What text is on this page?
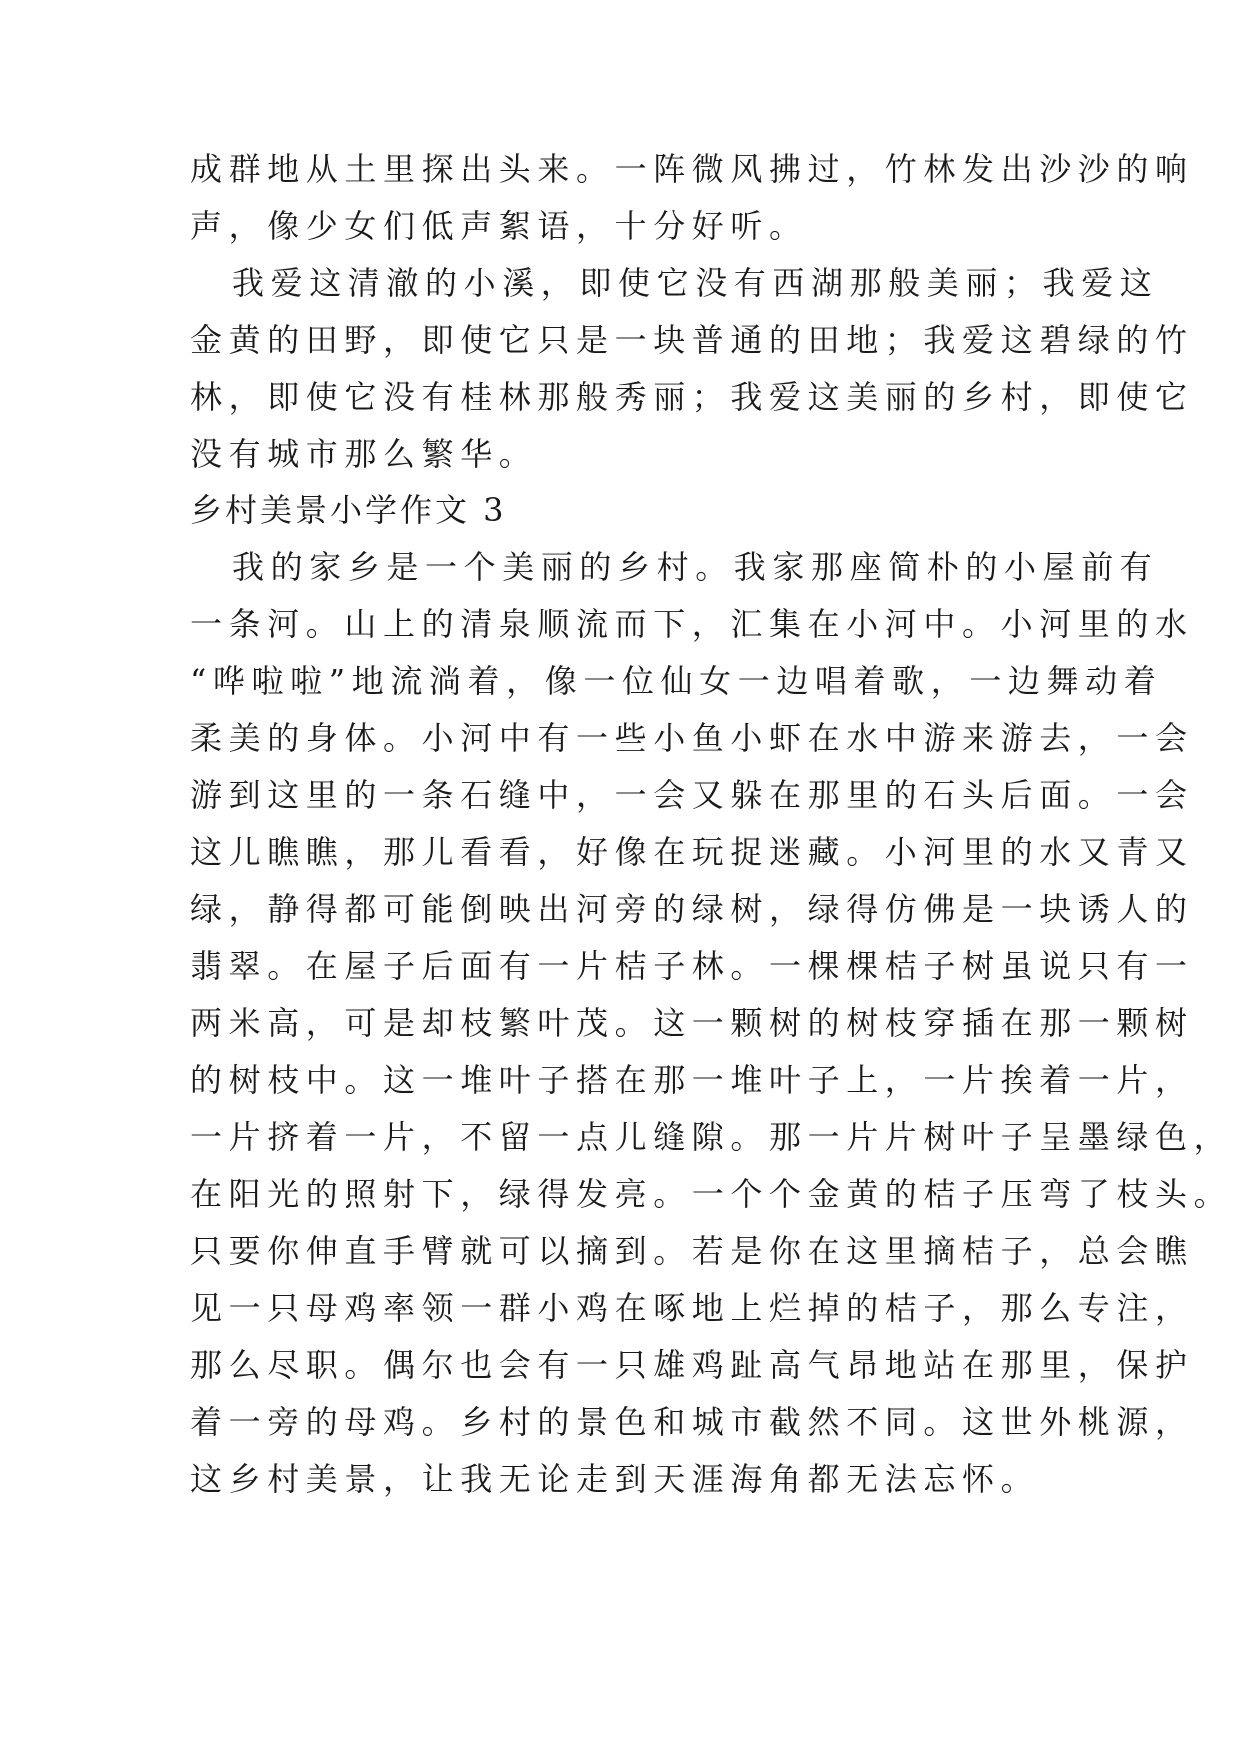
成群地从土里探出头来。一阵微风拂过，竹林发出沙沙的响
声，像少女们低声絮语，十分好听。
我爱这清澈的小溪，即使它没有西湖那般美丽；我爱这
金黄的田野，即使它只是一块普通的田地；我爱这碧绿的竹
林，即使它没有桂林那般秀丽；我爱这美丽的乡村，即使它
没有城市那么繁华。
乡村美景小学作文 3
我的家乡是一个美丽的乡村。我家那座简朴的小屋前有
一条河。山上的清泉顺流而下，汇集在小河中。小河里的水
“哗啦啦”地流淌着，像一位仙女一边唱着歌，一边舞动着
柔美的身体。小河中有一些小鱼小虾在水中游来游去，一会
游到这里的一条石缝中，一会又躲在那里的石头后面。一会
这儿瞧瞧，那儿看看，好像在玩捉迷藏。小河里的水又青又
绿，静得都可能倒映出河旁的绿树，绿得仿佛是一块诱人的
翡翠。在屋子后面有一片桔子林。一棵棵桔子树虽说只有一
两米高，可是却枝繁叶茂。这一颗树的树枝穿插在那一颗树
的树枝中。这一堆叶子搭在那一堆叶子上，一片挨着一片，
一片挤着一片，不留一点儿缝隙。那一片片树叶子呈墨绿色，
在阳光的照射下，绿得发亮。一个个金黄的桔子压弯了枝头。
只要你伸直手臂就可以摘到。若是你在这里摘桔子，总会瞧
见一只母鸡率领一群小鸡在啄地上烂掉的桔子，那么专注，
那么尽职。偶尔也会有一只雄鸡趾高气昂地站在那里，保护
着一旁的母鸡。乡村的景色和城市截然不同。这世外桃源，
这乡村美景，让我无论走到天涯海角都无法忘怀。
